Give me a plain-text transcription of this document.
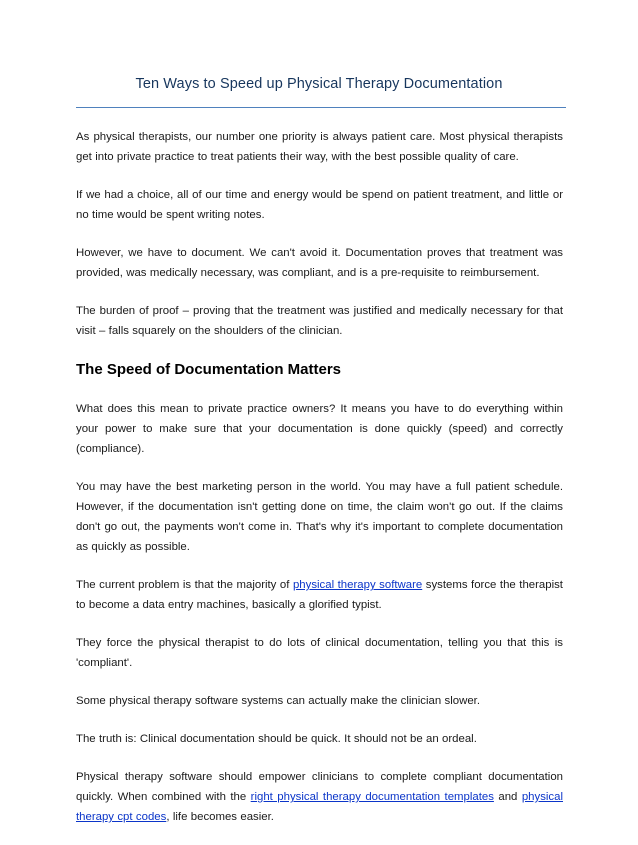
Ten Ways to Speed up Physical Therapy Documentation

As physical therapists, our number one priority is always patient care. Most physical therapists get into private practice to treat patients their way, with the best possible quality of care.

If we had a choice, all of our time and energy would be spend on patient treatment, and little or no time would be spent writing notes.

However, we have to document. We can't avoid it. Documentation proves that treatment was provided, was medically necessary, was compliant, and is a pre-requisite to reimbursement.

The burden of proof – proving that the treatment was justified and medically necessary for that visit – falls squarely on the shoulders of the clinician.

The Speed of Documentation Matters

What does this mean to private practice owners? It means you have to do everything within your power to make sure that your documentation is done quickly (speed) and correctly (compliance).

You may have the best marketing person in the world. You may have a full patient schedule. However, if the documentation isn't getting done on time, the claim won't go out. If the claims don't go out, the payments won't come in. That's why it's important to complete documentation as quickly as possible.

The current problem is that the majority of physical therapy software systems force the therapist to become a data entry machines, basically a glorified typist.

They force the physical therapist to do lots of clinical documentation, telling you that this is 'compliant'.

Some physical therapy software systems can actually make the clinician slower.

The truth is: Clinical documentation should be quick. It should not be an ordeal.

Physical therapy software should empower clinicians to complete compliant documentation quickly. When combined with the right physical therapy documentation templates and physical therapy cpt codes, life becomes easier.
